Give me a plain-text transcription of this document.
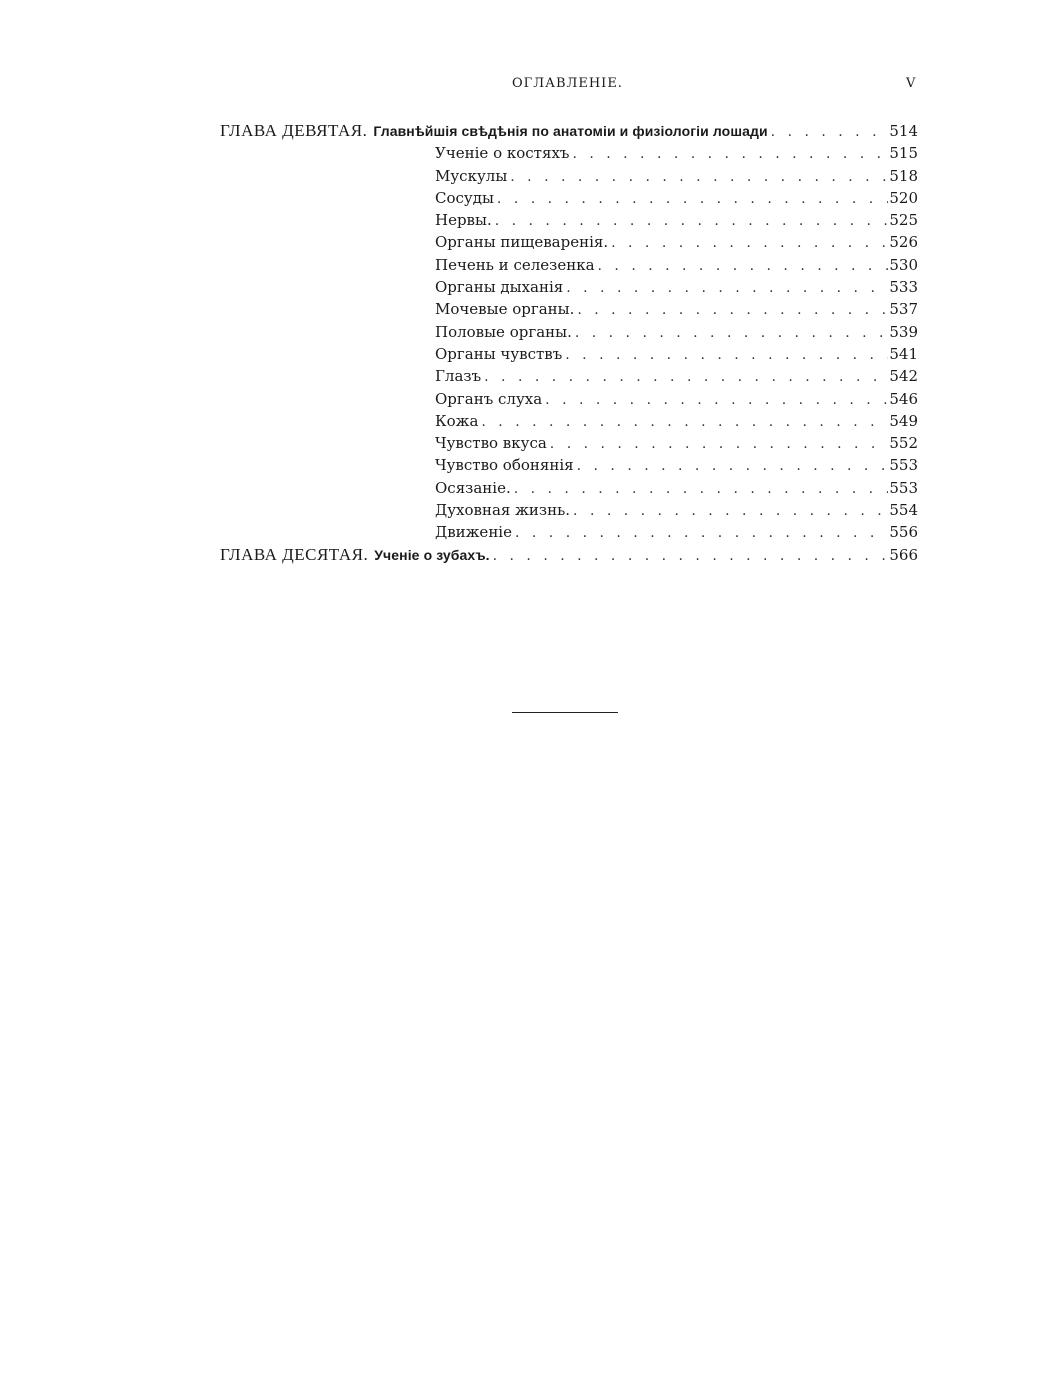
ОГЛАВЛЕНІЕ.	V
ГЛАВА ДЕВЯТАЯ. Главнѣйшія свѣдѣнія по анатоміи и физіологіи лошади . . .	514
Ученіе о костяхъ . . .	515
Мускулы . . .	518
Сосуды . . .	520
Нервы. . . .	525
Органы пищеваренія. . . .	526
Печень и селезенка . . .	530
Органы дыханія . . .	533
Мочевые органы. . . .	537
Половые органы. . . .	539
Органы чувствъ . . .	541
Глазъ . . .	542
Органъ слуха . . .	546
Кожа . . .	549
Чувство вкуса . . .	552
Чувство обонянія . . .	553
Осязаніе. . . .	553
Духовная жизнь. . . .	554
Движеніе . . .	556
ГЛАВА ДЕСЯТАЯ. Ученіе о зубахъ. . . .	566
